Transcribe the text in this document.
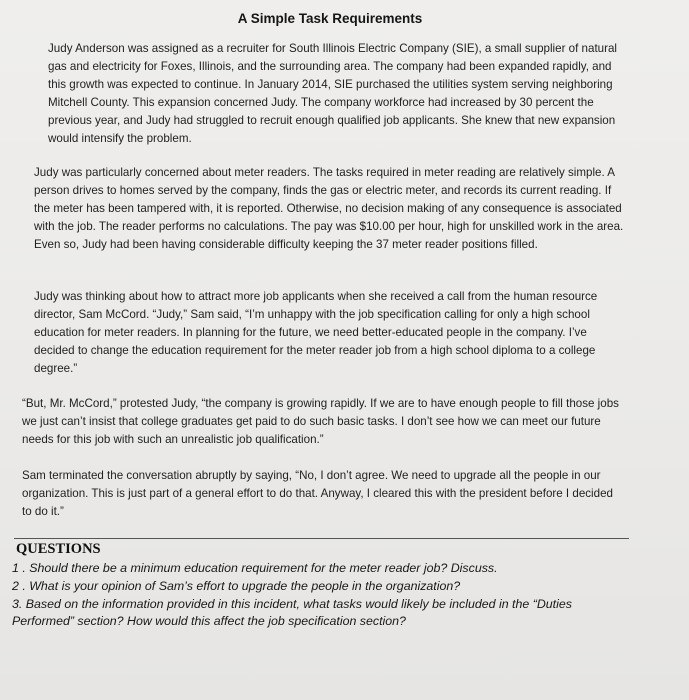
A Simple Task Requirements

Judy Anderson was assigned as a recruiter for South Illinois Electric Company (SIE), a small supplier of natural gas and electricity for Foxes, Illinois, and the surrounding area. The company had been expanded rapidly, and this growth was expected to continue. In January 2014, SIE purchased the utilities system serving neighboring Mitchell County. This expansion concerned Judy. The company workforce had increased by 30 percent the previous year, and Judy had struggled to recruit enough qualified job applicants. She knew that new expansion would intensify the problem.

Judy was particularly concerned about meter readers. The tasks required in meter reading are relatively simple. A person drives to homes served by the company, finds the gas or electric meter, and records its current reading. If the meter has been tampered with, it is reported. Otherwise, no decision making of any consequence is associated with the job. The reader performs no calculations. The pay was $10.00 per hour, high for unskilled work in the area. Even so, Judy had been having considerable difficulty keeping the 37 meter reader positions filled.

Judy was thinking about how to attract more job applicants when she received a call from the human resource director, Sam McCord. “Judy,” Sam said, “I’m unhappy with the job specification calling for only a high school education for meter readers. In planning for the future, we need better-educated people in the company. I’ve decided to change the education requirement for the meter reader job from a high school diploma to a college degree.”

“But, Mr. McCord,” protested Judy, “the company is growing rapidly. If we are to have enough people to fill those jobs we just can’t insist that college graduates get paid to do such basic tasks. I don’t see how we can meet our future needs for this job with such an unrealistic job qualification.”

Sam terminated the conversation abruptly by saying, “No, I don’t agree. We need to upgrade all the people in our organization. This is just part of a general effort to do that. Anyway, I cleared this with the president before I decided to do it.”

QUESTIONS
1 . Should there be a minimum education requirement for the meter reader job? Discuss.
2 . What is your opinion of Sam’s effort to upgrade the people in the organization?
3. Based on the information provided in this incident, what tasks would likely be included in the “Duties Performed” section? How would this affect the job specification section?
